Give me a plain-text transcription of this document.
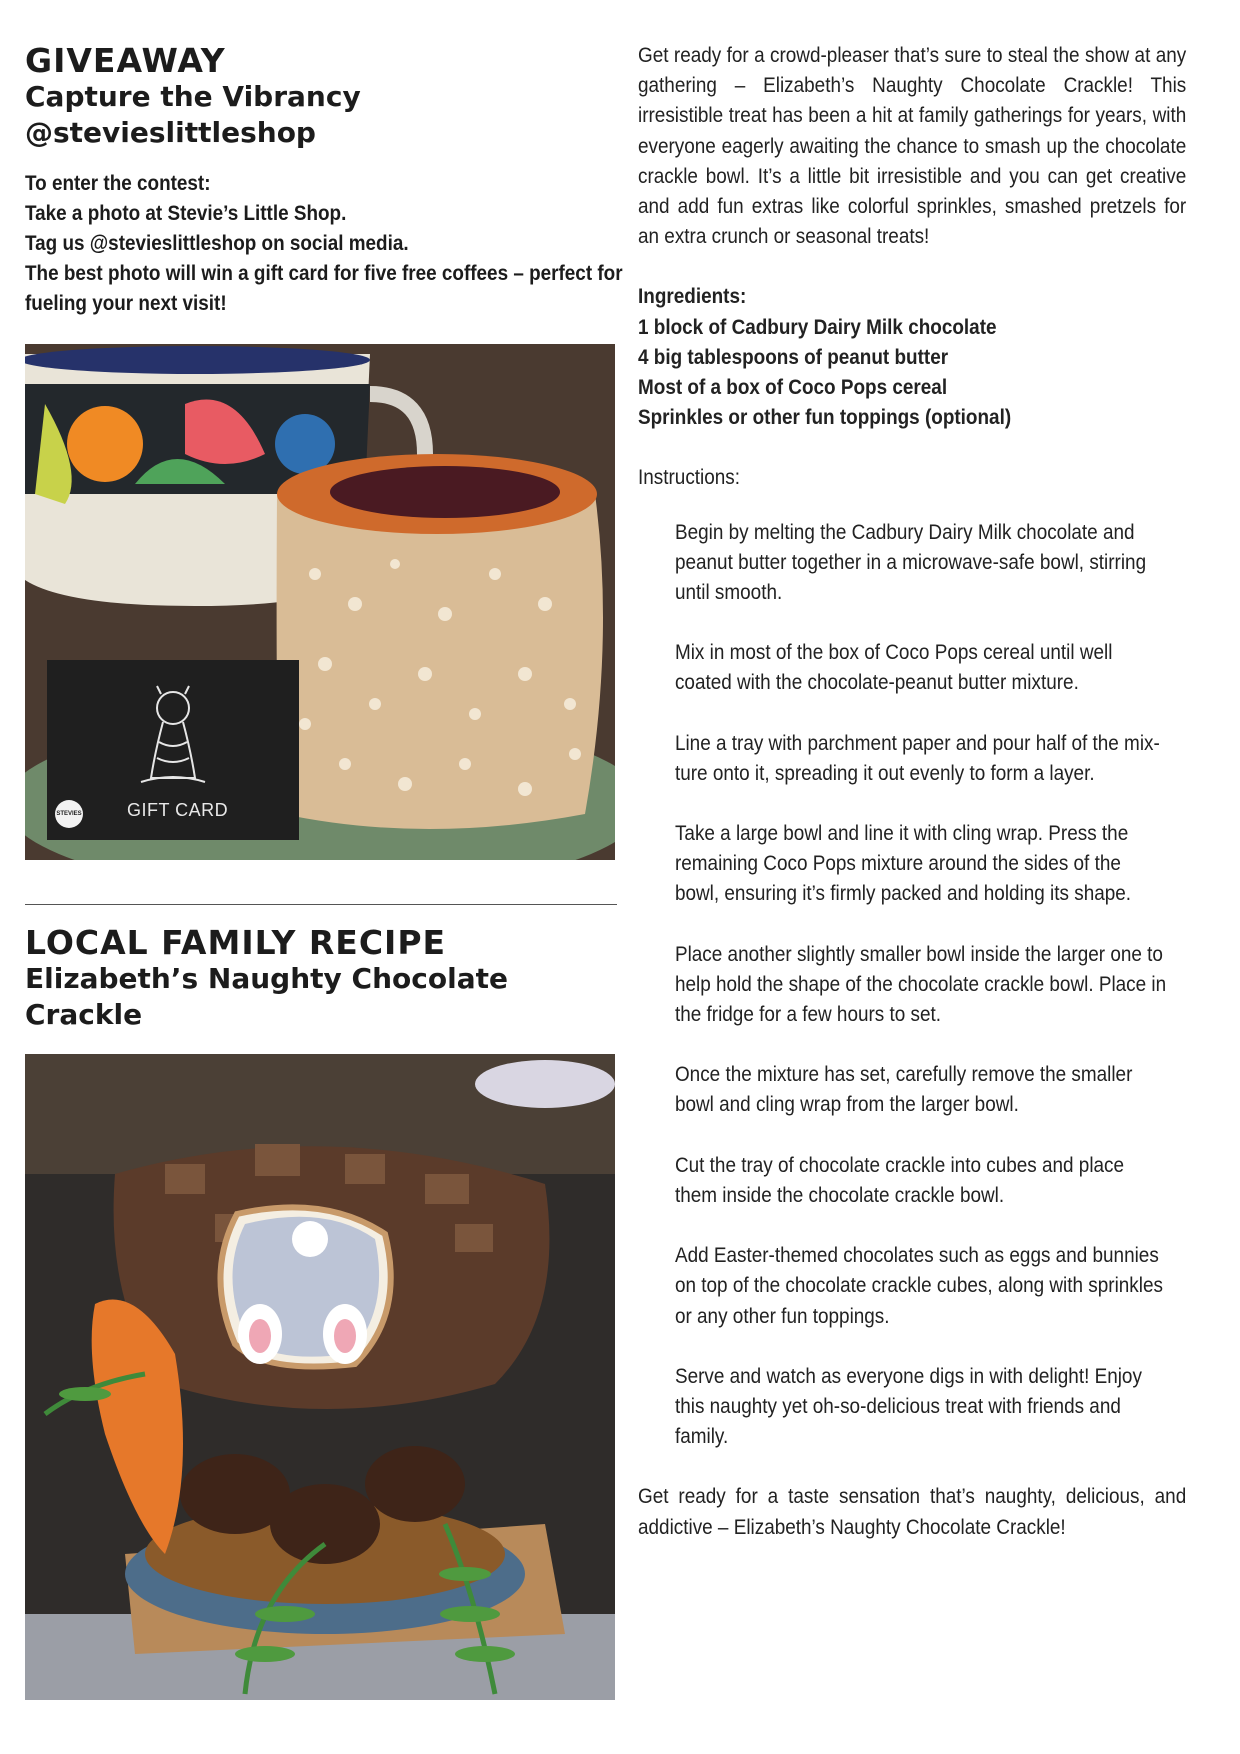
GIVEAWAY
Capture the Vibrancy
@stevieslittleshop

To enter the contest:

Take a photo at Stevie’s Little Shop.

Tag us @stevieslittleshop on social media.

The best photo will win a gift card for five free coffees – perfect for fueling your next visit!

STEVIES	GIFT CARD
LOCAL FAMILY RECIPE
Elizabeth’s Naughty Chocolate Crackle

Get ready for a crowd-pleaser that’s sure to steal the show at any gathering – Elizabeth’s Naughty Chocolate Crackle! This irresistible treat has been a hit at family gatherings for years, with everyone eagerly awaiting the chance to smash up the chocolate crackle bowl. It’s a little bit irresistible and you can get creative and add fun extras like colorful sprinkles, smashed pretzels for an extra crunch or seasonal treats!

Ingredients:

1 block of Cadbury Dairy Milk chocolate

4 big tablespoons of peanut butter

Most of a box of Coco Pops cereal

Sprinkles or other fun toppings (optional)

Instructions:

Begin by melting the Cadbury Dairy Milk chocolate and peanut butter together in a microwave-safe bowl, stirring until smooth.
Mix in most of the box of Coco Pops cereal until well coated with the chocolate-peanut butter mixture.
Line a tray with parchment paper and pour half of the mix-ture onto it, spreading it out evenly to form a layer.
Take a large bowl and line it with cling wrap. Press the remaining Coco Pops mixture around the sides of the bowl, ensuring it’s firmly packed and holding its shape.
Place another slightly smaller bowl inside the larger one to help hold the shape of the chocolate crackle bowl. Place in the fridge for a few hours to set.
Once the mixture has set, carefully remove the smaller bowl and cling wrap from the larger bowl.
Cut the tray of chocolate crackle into cubes and place them inside the chocolate crackle bowl.
Add Easter-themed chocolates such as eggs and bunnies on top of the chocolate crackle cubes, along with sprinkles or any other fun toppings.
Serve and watch as everyone digs in with delight! Enjoy this naughty yet oh-so-delicious treat with friends and family.

Get ready for a taste sensation that’s naughty, delicious, and addictive – Elizabeth’s Naughty Chocolate Crackle!
